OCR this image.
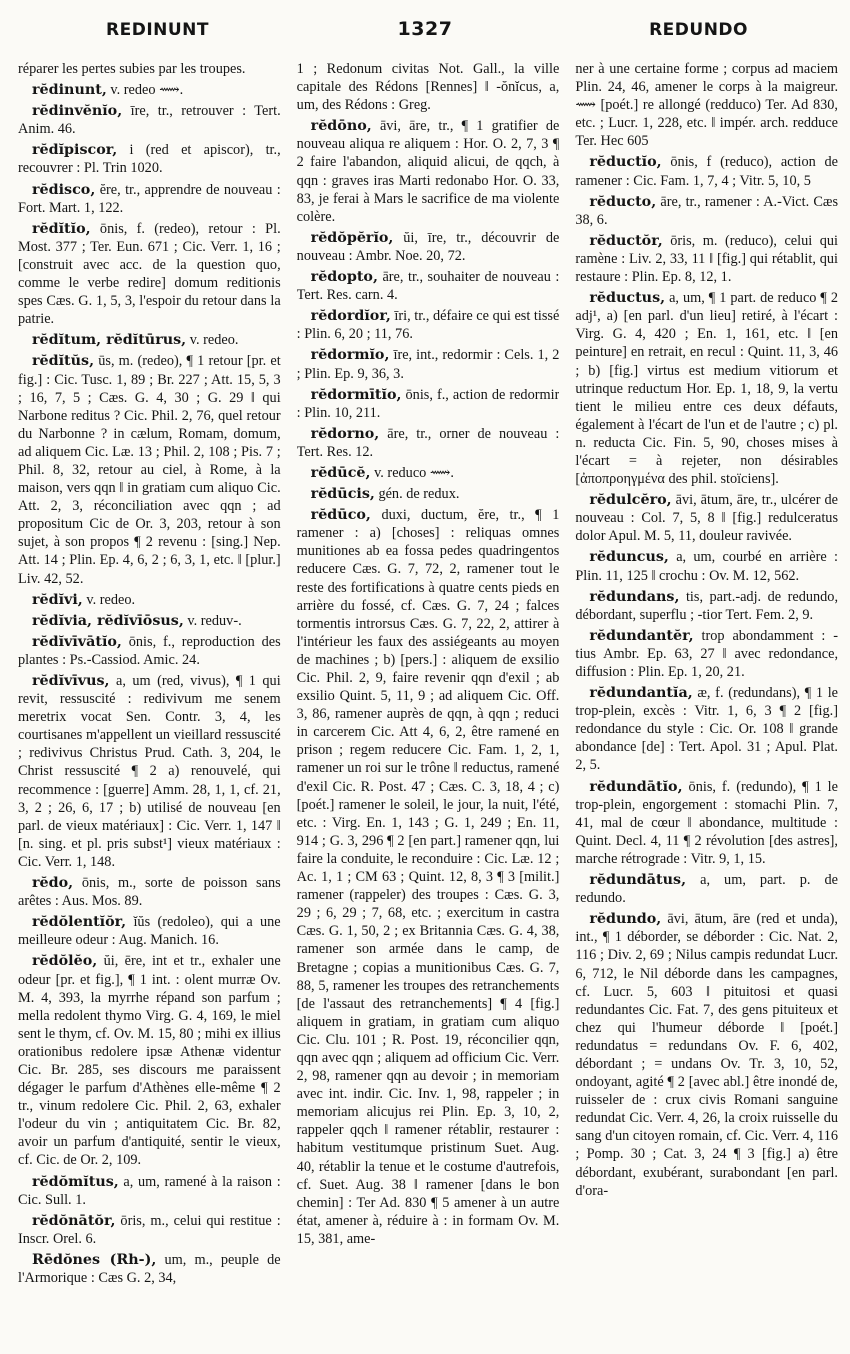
REDINUNT	1327	REDUNDO

réparer les pertes subies par les troupes.

rĕdinunt, v. redeo ⟿.

rĕdinvĕnĭo, īre, tr., retrouver : Tert. Anim. 46.

rĕdĭpiscor, i (red et apiscor), tr., recouvrer : Pl. Trin 1020.

rĕdisco, ĕre, tr., apprendre de nouveau : Fort. Mart. 1, 122.

rĕdĭtĭo, ōnis, f. (redeo), retour : Pl. Most. 377 ; Ter. Eun. 671 ; Cic. Verr. 1, 16 ; [construit avec acc. de la question quo, comme le verbe redire] domum reditionis spes Cæs. G. 1, 5, 3, l'espoir du retour dans la patrie.

rĕdĭtum, rĕdĭtūrus, v. redeo.

rĕdĭtŭs, ūs, m. (redeo), ¶ 1 retour [pr. et fig.] : Cic. Tusc. 1, 89 ; Br. 227 ; Att. 15, 5, 3 ; 16, 7, 5 ; Cæs. G. 4, 30 ; G. 29 ‖ qui Narbone reditus ? Cic. Phil. 2, 76, quel retour du Narbonne ? in cælum, Romam, domum, ad aliquem Cic. Læ. 13 ; Phil. 2, 108 ; Pis. 7 ; Phil. 8, 32, retour au ciel, à Rome, à la maison, vers qqn ‖ in gratiam cum aliquo Cic. Att. 2, 3, réconciliation avec qqn ; ad propositum Cic de Or. 3, 203, retour à son sujet, à son propos ¶ 2 revenu : [sing.] Nep. Att. 14 ; Plin. Ep. 4, 6, 2 ; 6, 3, 1, etc. ‖ [plur.] Liv. 42, 52.

rĕdĭvi, v. redeo.

rĕdĭvia, rĕdĭvīōsus, v. reduv-.

rĕdĭvīvātĭo, ōnis, f., reproduction des plantes : Ps.-Cassiod. Amic. 24.

rĕdĭvīvus, a, um (red, vivus), ¶ 1 qui revit, ressuscité : redivivum me senem meretrix vocat Sen. Contr. 3, 4, les courtisanes m'appellent un vieillard ressuscité ; redivivus Christus Prud. Cath. 3, 204, le Christ ressuscité ¶ 2 a) renouvelé, qui recommence : [guerre] Amm. 28, 1, 1, cf. 21, 3, 2 ; 26, 6, 17 ; b) utilisé de nouveau [en parl. de vieux matériaux] : Cic. Verr. 1, 147 ‖ [n. sing. et pl. pris subst¹] vieux matériaux : Cic. Verr. 1, 148.

rĕdo, ōnis, m., sorte de poisson sans arêtes : Aus. Mos. 89.

rĕdŏlentĭŏr, ĭŭs (redoleo), qui a une meilleure odeur : Aug. Manich. 16.

rĕdŏlĕo, ŭi, ēre, int et tr., exhaler une odeur [pr. et fig.], ¶ 1 int. : olent murræ Ov. M. 4, 393, la myrrhe répand son parfum ; mella redolent thymo Virg. G. 4, 169, le miel sent le thym, cf. Ov. M. 15, 80 ; mihi ex illius orationibus redolere ipsæ Athenæ videntur Cic. Br. 285, ses discours me paraissent dégager le parfum d'Athènes elle-même ¶ 2 tr., vinum redolere Cic. Phil. 2, 63, exhaler l'odeur du vin ; antiquitatem Cic. Br. 82, avoir un parfum d'antiquité, sentir le vieux, cf. Cic. de Or. 2, 109.

rĕdŏmĭtus, a, um, ramené à la raison : Cic. Sull. 1.

rĕdŏnātŏr, ōris, m., celui qui restitue : Inscr. Orel. 6.

Rēdŏnes (Rh-), um, m., peuple de l'Armorique : Cæs G. 2, 34,

1 ; Redonum civitas Not. Gall., la ville capitale des Rédons [Rennes] ‖ -ŏnĭcus, a, um, des Rédons : Greg.

rĕdōno, āvi, āre, tr., ¶ 1 gratifier de nouveau aliqua re aliquem : Hor. O. 2, 7, 3 ¶ 2 faire l'abandon, aliquid alicui, de qqch, à qqn : graves iras Marti redonabo Hor. O. 33, 83, je ferai à Mars le sacrifice de ma violente colère.

rĕdŏpĕrĭo, ŭi, īre, tr., découvrir de nouveau : Ambr. Noe. 20, 72.

rĕdopto, āre, tr., souhaiter de nouveau : Tert. Res. carn. 4.

rĕdordĭor, īri, tr., défaire ce qui est tissé : Plin. 6, 20 ; 11, 76.

rĕdormĭo, īre, int., redormir : Cels. 1, 2 ; Plin. Ep. 9, 36, 3.

rĕdormītĭo, ōnis, f., action de redormir : Plin. 10, 211.

rĕdorno, āre, tr., orner de nouveau : Tert. Res. 12.

rĕdūcĕ, v. reduco ⟿.

rĕdūcis, gén. de redux.

rĕdūco, duxi, ductum, ĕre, tr., ¶ 1 ramener : a) [choses] : reliquas omnes munitiones ab ea fossa pedes quadringentos reducere Cæs. G. 7, 72, 2, ramener tout le reste des fortifications à quatre cents pieds en arrière du fossé, cf. Cæs. G. 7, 24 ; falces tormentis introrsus Cæs. G. 7, 22, 2, attirer à l'intérieur les faux des assiégeants au moyen de machines ; b) [pers.] : aliquem de exsilio Cic. Phil. 2, 9, faire revenir qqn d'exil ; ab exsilio Quint. 5, 11, 9 ; ad aliquem Cic. Off. 3, 86, ramener auprès de qqn, à qqn ; reduci in carcerem Cic. Att 4, 6, 2, être ramené en prison ; regem reducere Cic. Fam. 1, 2, 1, ramener un roi sur le trône ‖ reductus, ramené d'exil Cic. R. Post. 47 ; Cæs. C. 3, 18, 4 ; c) [poét.] ramener le soleil, le jour, la nuit, l'été, etc. : Virg. En. 1, 143 ; G. 1, 249 ; En. 11, 914 ; G. 3, 296 ¶ 2 [en part.] ramener qqn, lui faire la conduite, le reconduire : Cic. Læ. 12 ; Ac. 1, 1 ; CM 63 ; Quint. 12, 8, 3 ¶ 3 [milit.] ramener (rappeler) des troupes : Cæs. G. 3, 29 ; 6, 29 ; 7, 68, etc. ; exercitum in castra Cæs. G. 1, 50, 2 ; ex Britannia Cæs. G. 4, 38, ramener son armée dans le camp, de Bretagne ; copias a munitionibus Cæs. G. 7, 88, 5, ramener les troupes des retranchements [de l'assaut des retranchements] ¶ 4 [fig.] aliquem in gratiam, in gratiam cum aliquo Cic. Clu. 101 ; R. Post. 19, réconcilier qqn, qqn avec qqn ; aliquem ad officium Cic. Verr. 2, 98, ramener qqn au devoir ; in memoriam avec int. indir. Cic. Inv. 1, 98, rappeler ; in memoriam alicujus rei Plin. Ep. 3, 10, 2, rappeler qqch ‖ ramener rétablir, restaurer : habitum vestitumque pristinum Suet. Aug. 40, rétablir la tenue et le costume d'autrefois, cf. Suet. Aug. 38 ‖ ramener [dans le bon chemin] : Ter Ad. 830 ¶ 5 amener à un autre état, amener à, réduire à : in formam Ov. M. 15, 381, ame-

ner à une certaine forme ; corpus ad maciem Plin. 24, 46, amener le corps à la maigreur. ⟿ [poét.] re allongé (redduco) Ter. Ad 830, etc. ; Lucr. 1, 228, etc. ‖ impér. arch. redduce Ter. Hec 605

rĕductĭo, ōnis, f (reduco), action de ramener : Cic. Fam. 1, 7, 4 ; Vitr. 5, 10, 5

rĕducto, āre, tr., ramener : A.-Vict. Cæs 38, 6.

rĕductŏr, ōris, m. (reduco), celui qui ramène : Liv. 2, 33, 11 ‖ [fig.] qui rétablit, qui restaure : Plin. Ep. 8, 12, 1.

rĕductus, a, um, ¶ 1 part. de reduco ¶ 2 adj¹, a) [en parl. d'un lieu] retiré, à l'écart : Virg. G. 4, 420 ; En. 1, 161, etc. ‖ [en peinture] en retrait, en recul : Quint. 11, 3, 46 ; b) [fig.] virtus est medium vitiorum et utrinque reductum Hor. Ep. 1, 18, 9, la vertu tient le milieu entre ces deux défauts, également à l'écart de l'un et de l'autre ; c) pl. n. reducta Cic. Fin. 5, 90, choses mises à l'écart = à rejeter, non désirables [ἀποπροηγμένα des phil. stoïciens].

rĕdulcĕro, āvi, ātum, āre, tr., ulcérer de nouveau : Col. 7, 5, 8 ‖ [fig.] redulceratus dolor Apul. M. 5, 11, douleur ravivée.

rĕduncus, a, um, courbé en arrière : Plin. 11, 125 ‖ crochu : Ov. M. 12, 562.

rĕdundans, tis, part.-adj. de redundo, débordant, superflu ; -tior Tert. Fem. 2, 9.

rĕdundantĕr, trop abondamment : -tius Ambr. Ep. 63, 27 ‖ avec redondance, diffusion : Plin. Ep. 1, 20, 21.

rĕdundantĭa, æ, f. (redundans), ¶ 1 le trop-plein, excès : Vitr. 1, 6, 3 ¶ 2 [fig.] redondance du style : Cic. Or. 108 ‖ grande abondance [de] : Tert. Apol. 31 ; Apul. Plat. 2, 5.

rĕdundātĭo, ōnis, f. (redundo), ¶ 1 le trop-plein, engorgement : stomachi Plin. 7, 41, mal de cœur ‖ abondance, multitude : Quint. Decl. 4, 11 ¶ 2 révolution [des astres], marche rétrograde : Vitr. 9, 1, 15.

rĕdundātus, a, um, part. p. de redundo.

rĕdundo, āvi, ātum, āre (red et unda), int., ¶ 1 déborder, se déborder : Cic. Nat. 2, 116 ; Div. 2, 69 ; Nilus campis redundat Lucr. 6, 712, le Nil déborde dans les campagnes, cf. Lucr. 5, 603 ‖ pituitosi et quasi redundantes Cic. Fat. 7, des gens pituiteux et chez qui l'humeur déborde ‖ [poét.] redundatus = redundans Ov. F. 6, 402, débordant ; = undans Ov. Tr. 3, 10, 52, ondoyant, agité ¶ 2 [avec abl.] être inondé de, ruisseler de : crux civis Romani sanguine redundat Cic. Verr. 4, 26, la croix ruisselle du sang d'un citoyen romain, cf. Cic. Verr. 4, 116 ; Pomp. 30 ; Cat. 3, 24 ¶ 3 [fig.] a) être débordant, exubérant, surabondant [en parl. d'ora-
